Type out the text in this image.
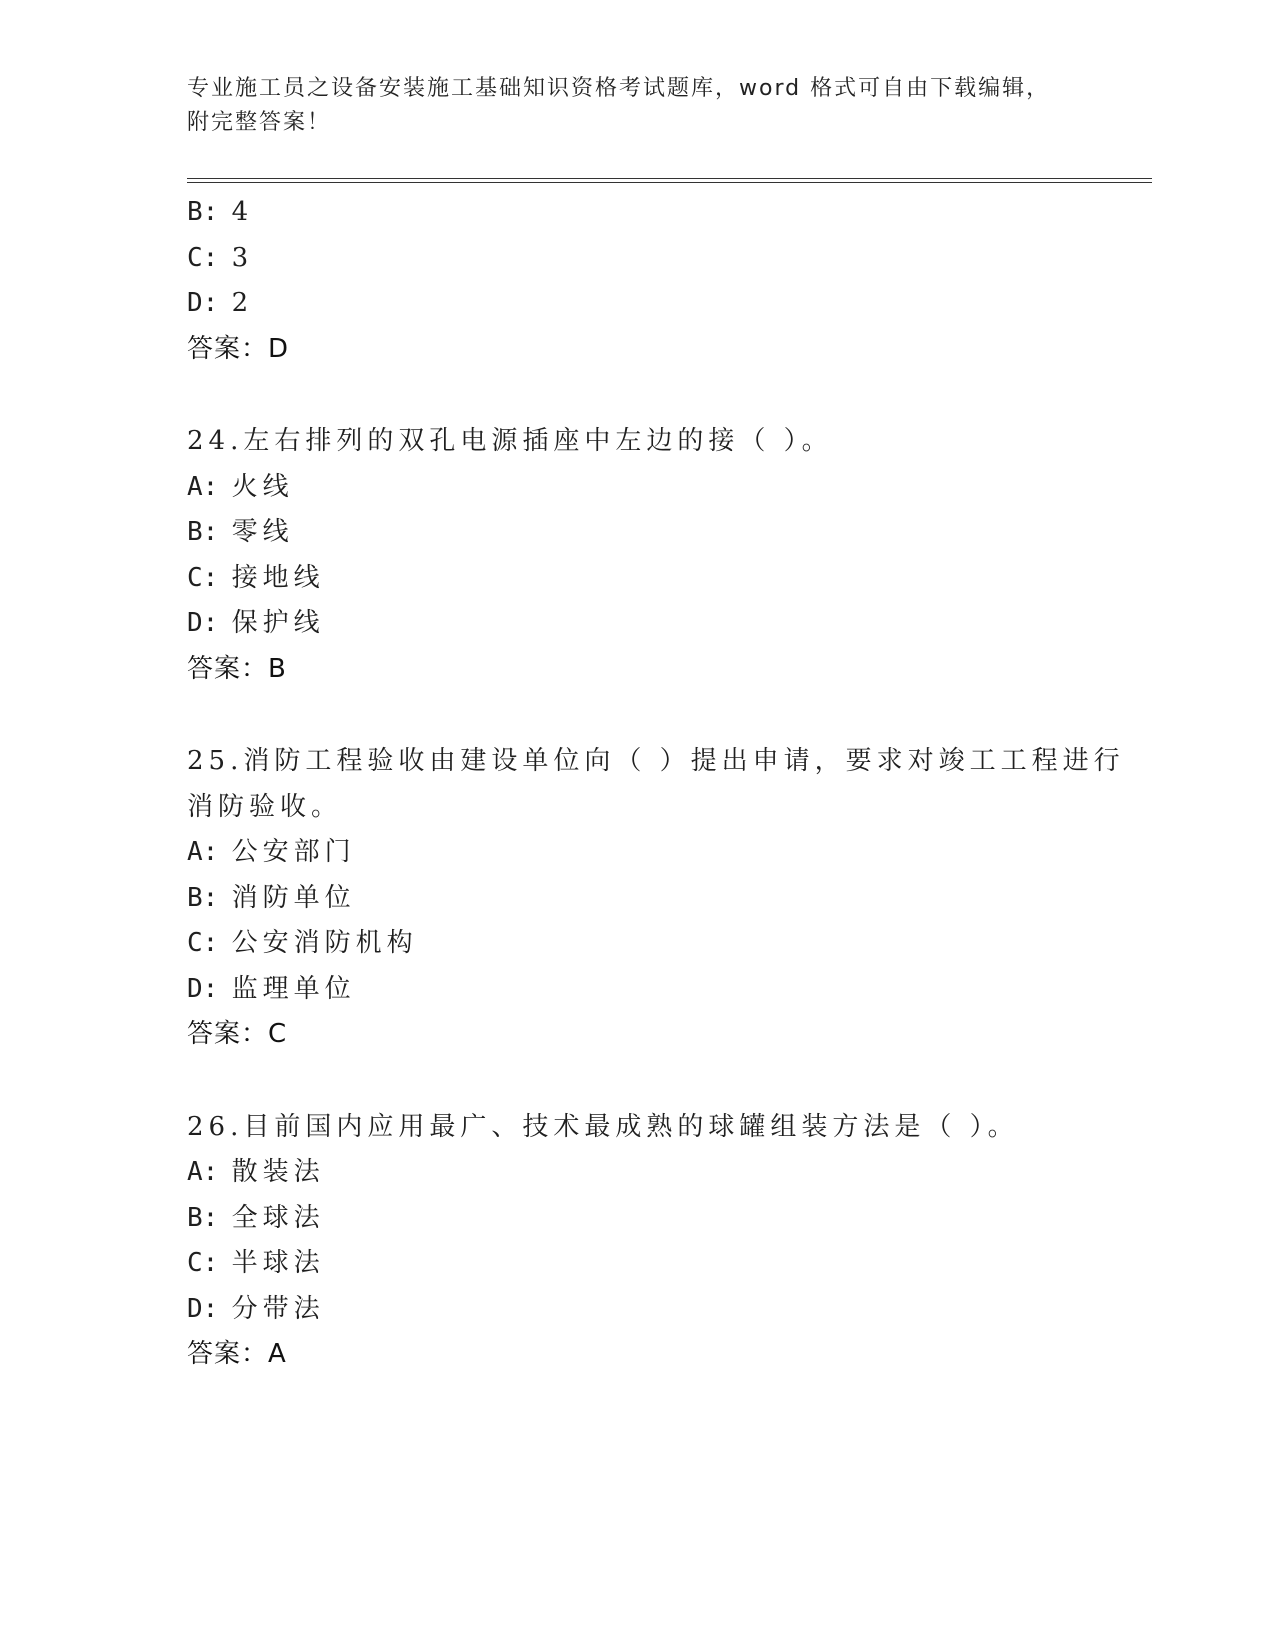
专业施工员之设备安装施工基础知识资格考试题库，word 格式可自由下载编辑，
附完整答案！
B: 4
C: 3
D: 2
答案：D
24.左右排列的双孔电源插座中左边的接（ ）。
A: 火线
B: 零线
C: 接地线
D: 保护线
答案：B
25.消防工程验收由建设单位向（ ）提出申请，要求对竣工工程进行
消防验收。
A: 公安部门
B: 消防单位
C: 公安消防机构
D: 监理单位
答案：C
26.目前国内应用最广、技术最成熟的球罐组装方法是（ ）。
A: 散装法
B: 全球法
C: 半球法
D: 分带法
答案：A
